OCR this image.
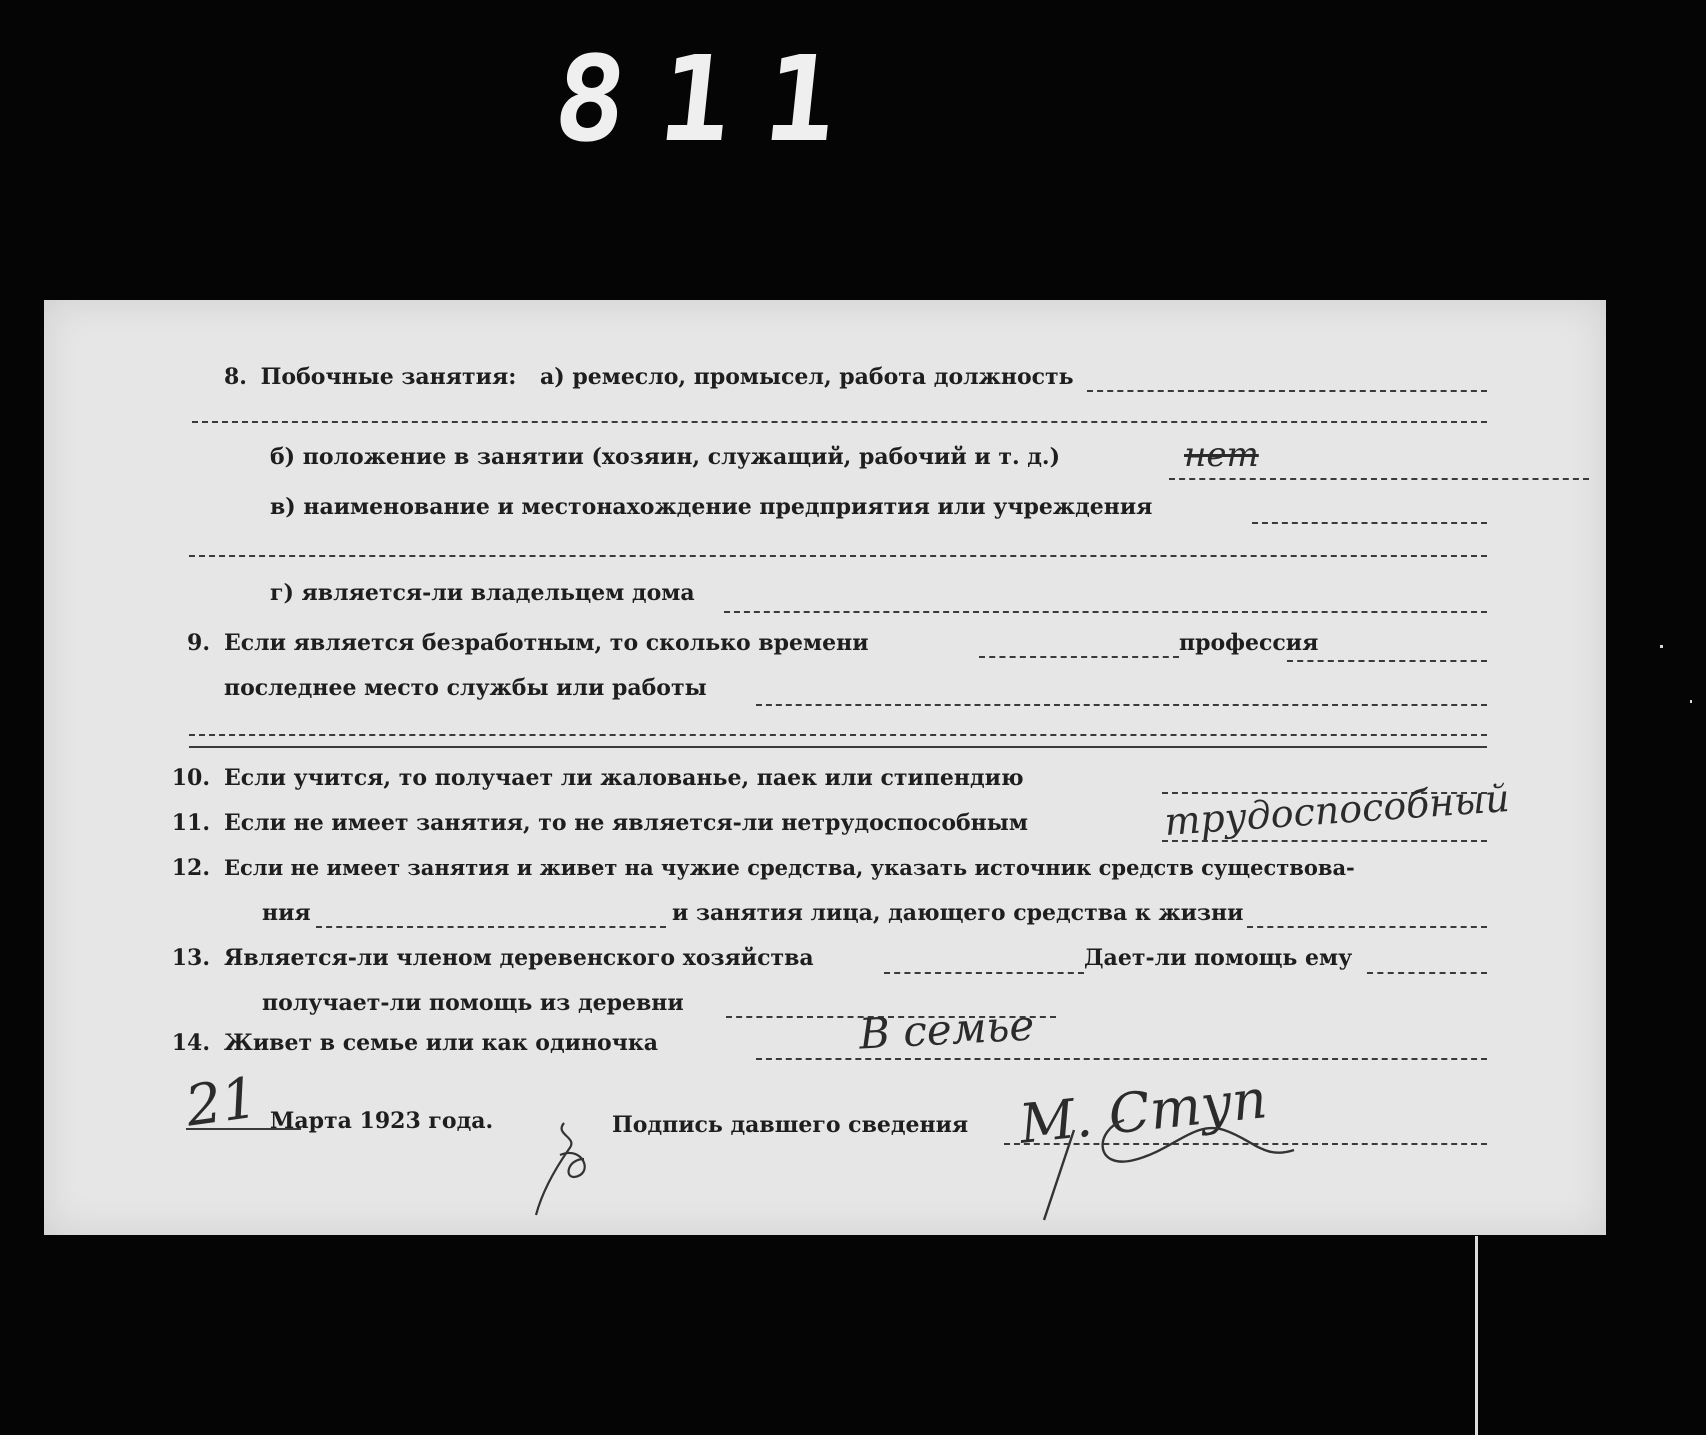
811
8. Побочные занятия: а) ремесло, промысел, работа должность
б) положение в занятии (хозяин, служащий, рабочий и т. д.)	нет
в) наименование и местонахождение предприятия или учреждения
г) является-ли владельцем дома
9. Если является безработным, то сколько времени	профессия
последнее место службы или работы
10. Если учится, то получает ли жалованье, паек или стипендию
11. Если не имеет занятия, то не является-ли нетрудоспособным	трудоспособный
12. Если не имеет занятия и живет на чужие средства, указать источник средств существова-
ния	и занятия лица, дающего средства к жизни
13. Является-ли членом деревенского хозяйства	Дает-ли помощь ему
получает-ли помощь из деревни
14. Живет в семье или как одиночка	В семье
21 Марта 1923 года.	Подпись давшего сведения М. Ступ
